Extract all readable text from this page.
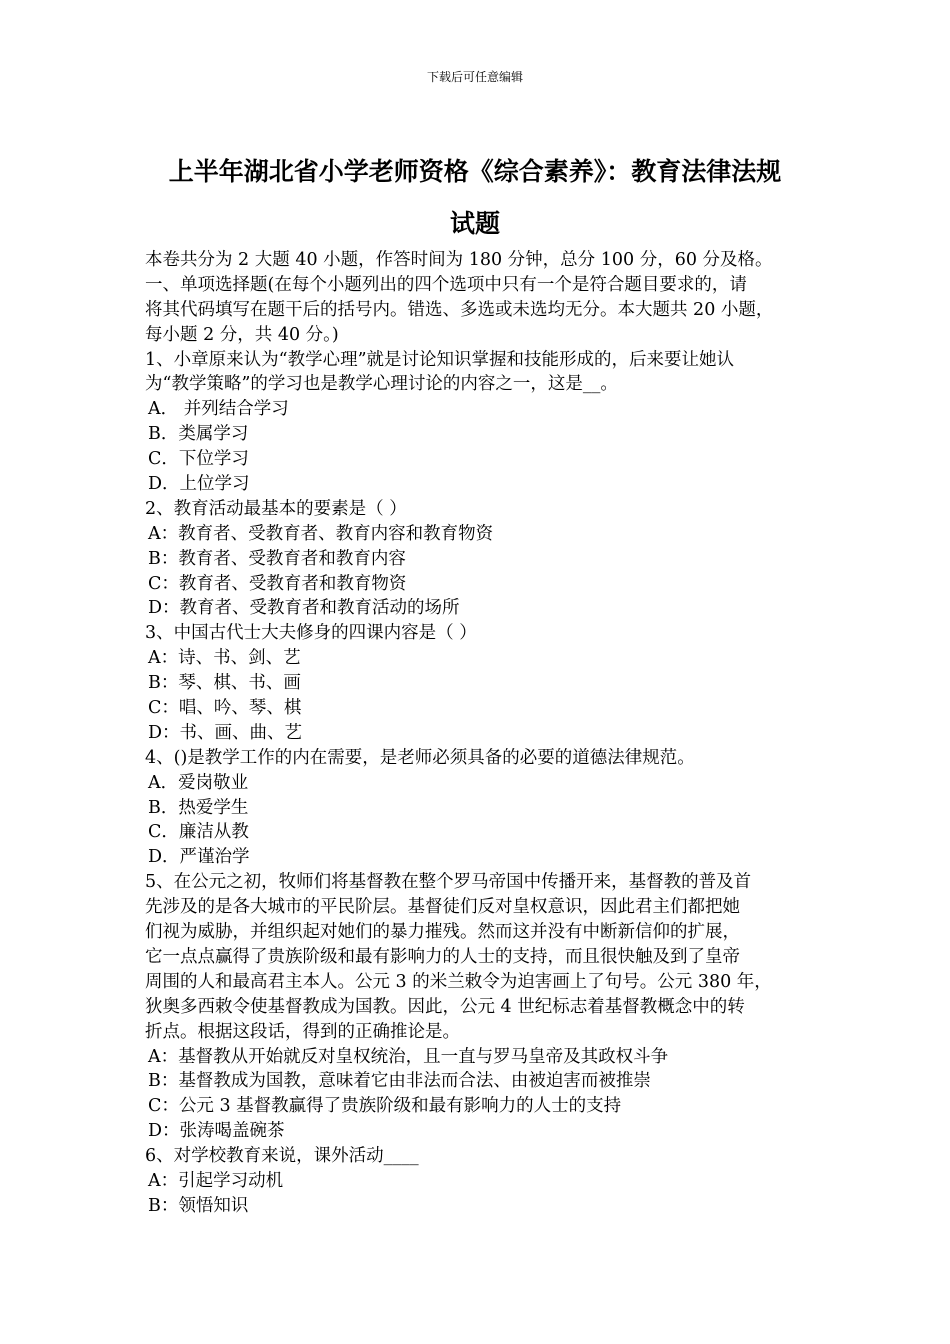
下载后可任意编辑
上半年湖北省小学老师资格《综合素养》：教育法律法规
试题
本卷共分为 2 大题 40 小题，作答时间为 180 分钟，总分 100 分，60 分及格。
一、单项选择题(在每个小题列出的四个选项中只有一个是符合题目要求的，请
将其代码填写在题干后的括号内。错选、多选或未选均无分。本大题共 20 小题，
每小题 2 分，共 40 分。)
1、小章原来认为“教学心理”就是讨论知识掌握和技能形成的，后来要让她认
为“教学策略”的学习也是教学心理讨论的内容之一，这是__。
A． 并列结合学习
B．类属学习
C．下位学习
D．上位学习
2、教育活动最基本的要素是（ ）
A：教育者、受教育者、教育内容和教育物资
B：教育者、受教育者和教育内容
C：教育者、受教育者和教育物资
D：教育者、受教育者和教育活动的场所
3、中国古代士大夫修身的四课内容是（ ）
A：诗、书、剑、艺
B：琴、棋、书、画
C：唱、吟、琴、棋
D：书、画、曲、艺
4、()是教学工作的内在需要，是老师必须具备的必要的道德法律规范。
A．爱岗敬业
B．热爱学生
C．廉洁从教
D．严谨治学
5、在公元之初，牧师们将基督教在整个罗马帝国中传播开来，基督教的普及首
先涉及的是各大城市的平民阶层。基督徒们反对皇权意识，因此君主们都把她
们视为威胁，并组织起对她们的暴力摧残。然而这并没有中断新信仰的扩展，
它一点点赢得了贵族阶级和最有影响力的人士的支持，而且很快触及到了皇帝
周围的人和最高君主本人。公元 3 的米兰敕令为迫害画上了句号。公元 380 年，
狄奥多西敕令使基督教成为国教。因此，公元 4 世纪标志着基督教概念中的转
折点。根据这段话，得到的正确推论是。
A：基督教从开始就反对皇权统治，且一直与罗马皇帝及其政权斗争
B：基督教成为国教，意味着它由非法而合法、由被迫害而被推崇
C：公元 3 基督教赢得了贵族阶级和最有影响力的人士的支持
D：张涛喝盖碗茶
6、对学校教育来说，课外活动____
A：引起学习动机
B：领悟知识
